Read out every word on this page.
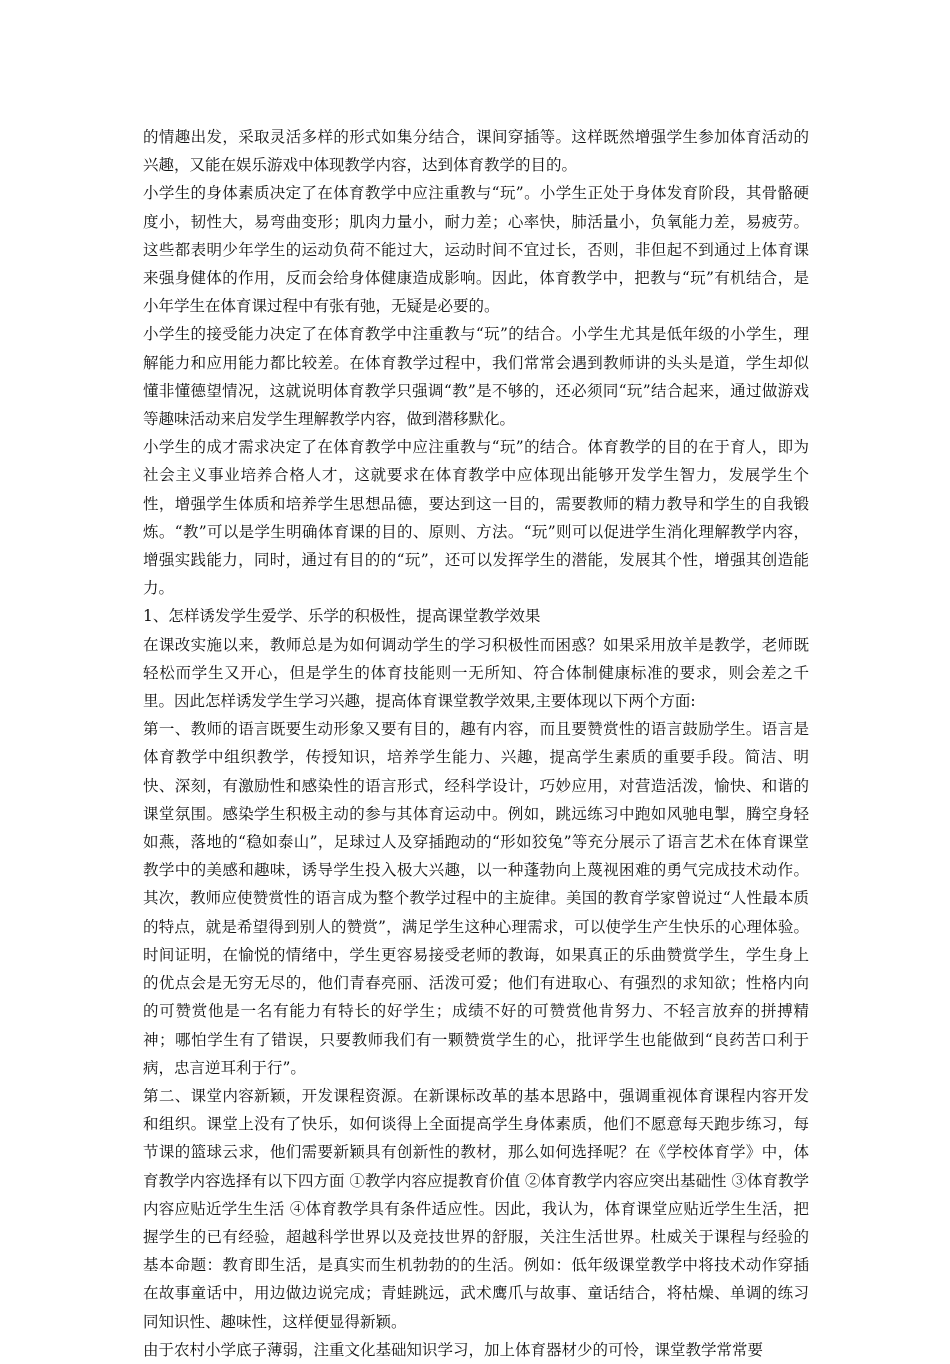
的情趣出发，采取灵活多样的形式如集分结合，课间穿插等。这样既然增强学生参加体育活动的兴趣，又能在娱乐游戏中体现教学内容，达到体育教学的目的。

小学生的身体素质决定了在体育教学中应注重教与“玩”。小学生正处于身体发育阶段，其骨骼硬度小，韧性大，易弯曲变形；肌肉力量小，耐力差；心率快，肺活量小，负氧能力差，易疲劳。这些都表明少年学生的运动负荷不能过大，运动时间不宜过长，否则，非但起不到通过上体育课来强身健体的作用，反而会给身体健康造成影响。因此，体育教学中，把教与“玩”有机结合，是小年学生在体育课过程中有张有弛，无疑是必要的。

小学生的接受能力决定了在体育教学中注重教与“玩”的结合。小学生尤其是低年级的小学生，理解能力和应用能力都比较差。在体育教学过程中，我们常常会遇到教师讲的头头是道，学生却似懂非懂德望情况，这就说明体育教学只强调“教”是不够的，还必须同“玩”结合起来，通过做游戏等趣味活动来启发学生理解教学内容，做到潜移默化。

小学生的成才需求决定了在体育教学中应注重教与“玩”的结合。体育教学的目的在于育人，即为社会主义事业培养合格人才，这就要求在体育教学中应体现出能够开发学生智力，发展学生个性，增强学生体质和培养学生思想品德，要达到这一目的，需要教师的精力教导和学生的自我锻炼。“教”可以是学生明确体育课的目的、原则、方法。“玩”则可以促进学生消化理解教学内容，增强实践能力，同时，通过有目的的“玩”，还可以发挥学生的潜能，发展其个性，增强其创造能力。

1、怎样诱发学生爱学、乐学的积极性，提高课堂教学效果

在课改实施以来，教师总是为如何调动学生的学习积极性而困惑？如果采用放羊是教学，老师既轻松而学生又开心，但是学生的体育技能则一无所知、符合体制健康标准的要求，则会差之千里。因此怎样诱发学生学习兴趣，提高体育课堂教学效果,主要体现以下两个方面:

第一、教师的语言既要生动形象又要有目的，趣有内容，而且要赞赏性的语言鼓励学生。语言是体育教学中组织教学，传授知识，培养学生能力、兴趣，提高学生素质的重要手段。简洁、明快、深刻，有激励性和感染性的语言形式，经科学设计，巧妙应用，对营造活泼，愉快、和谐的课堂氛围。感染学生积极主动的参与其体育运动中。例如，跳远练习中跑如风驰电掣，腾空身轻如燕，落地的“稳如泰山”，足球过人及穿插跑动的“形如狡兔”等充分展示了语言艺术在体育课堂教学中的美感和趣味，诱导学生投入极大兴趣，以一种蓬勃向上蔑视困难的勇气完成技术动作。其次，教师应使赞赏性的语言成为整个教学过程中的主旋律。美国的教育学家曾说过“人性最本质的特点，就是希望得到别人的赞赏”，满足学生这种心理需求，可以使学生产生快乐的心理体验。时间证明，在愉悦的情绪中，学生更容易接受老师的教诲，如果真正的乐曲赞赏学生，学生身上的优点会是无穷无尽的，他们青春亮丽、活泼可爱；他们有进取心、有强烈的求知欲；性格内向的可赞赏他是一名有能力有特长的好学生；成绩不好的可赞赏他肯努力、不轻言放弃的拼搏精神；哪怕学生有了错误，只要教师我们有一颗赞赏学生的心，批评学生也能做到“良药苦口利于病，忠言逆耳利于行”。

第二、课堂内容新颖，开发课程资源。在新课标改革的基本思路中，强调重视体育课程内容开发和组织。课堂上没有了快乐，如何谈得上全面提高学生身体素质，他们不愿意每天跑步练习，每节课的篮球云求，他们需要新颖具有创新性的教材，那么如何选择呢？在《学校体育学》中，体育教学内容选择有以下四方面 ①教学内容应提教育价值 ②体育教学内容应突出基础性 ③体育教学内容应贴近学生生活 ④体育教学具有条件适应性。因此，我认为，体育课堂应贴近学生生活，把握学生的已有经验，超越科学世界以及竞技世界的舒服，关注生活世界。杜威关于课程与经验的基本命题：教育即生活，是真实而生机勃勃的的生活。例如：低年级课堂教学中将技术动作穿插在故事童话中，用边做边说完成；青蛙跳远，武术鹰爪与故事、童话结合，将枯燥、单调的练习同知识性、趣味性，这样便显得新颖。

由于农村小学底子薄弱，注重文化基础知识学习，加上体育器材少的可怜，课堂教学常常要
